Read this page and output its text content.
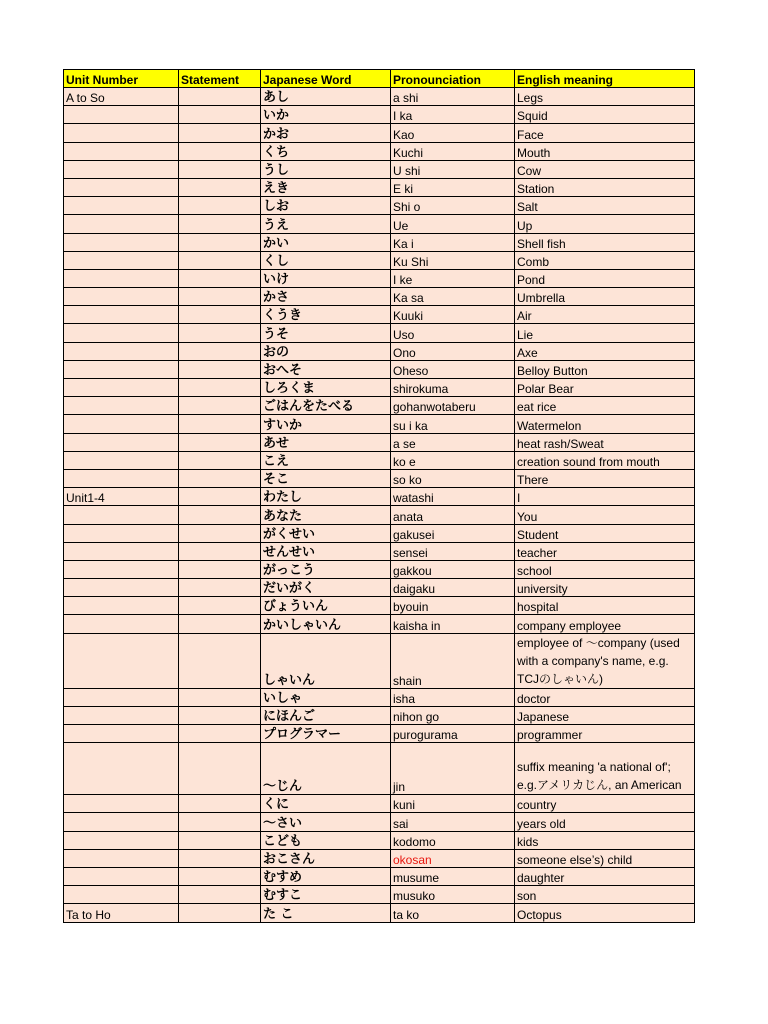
Unit Number	Statement	Japanese Word	Pronounciation	English meaning
A to So		あし	a shi	Legs
		いか	I ka	Squid
		かお	Kao	Face
		くち	Kuchi	Mouth
		うし	U shi	Cow
		えき	E ki	Station
		しお	Shi o	Salt
		うえ	Ue	Up
		かい	Ka i	Shell fish
		くし	Ku Shi	Comb
		いけ	I ke	Pond
		かさ	Ka sa	Umbrella
		くうき	Kuuki	Air
		うそ	Uso	Lie
		おの	Ono	Axe
		おへそ	Oheso	Belloy Button
		しろくま	shirokuma	Polar Bear
		ごはんをたべる	gohanwotaberu	eat rice
		すいか	su i ka	Watermelon
		あせ	a se	heat rash/Sweat
		こえ	ko e	creation sound from mouth
		そこ	so ko	There
Unit1-4		わたし	watashi	I
		あなた	anata	You
		がくせい	gakusei	Student
		せんせい	sensei	teacher
		がっこう	gakkou	school
		だいがく	daigaku	university
		びょういん	byouin	hospital
		かいしゃいん	kaisha in	company employee
		しゃいん	shain	employee of ～company (used with a company's name, e.g. TCJのしゃいん)
		いしゃ	isha	doctor
		にほんご	nihon go	Japanese
		プログラマー	purogurama	programmer
		～じん	jin	suffix meaning 'a national of'; e.g.アメリカじん, an American
		くに	kuni	country
		～さい	sai	years old
		こども	kodomo	kids
		おこさん	okosan	someone else’s) child
		むすめ	musume	daughter
		むすこ	musuko	son
Ta to Ho		た こ	ta ko	Octopus
